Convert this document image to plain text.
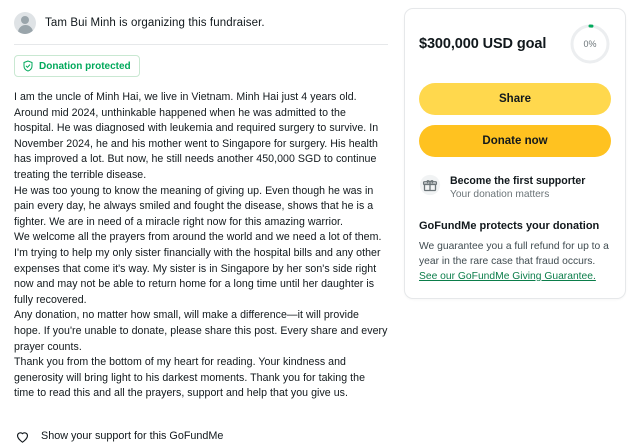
Tam Bui Minh is organizing this fundraiser.
Donation protected

I am the uncle of Minh Hai, we live in Vietnam. Minh Hai just 4 years old. Around mid 2024, unthinkable happened when he was admitted to the hospital. He was diagnosed with leukemia and required surgery to survive. In November 2024, he and his mother went to Singapore for surgery. His health has improved a lot. But now, he still needs another 450,000 SGD to continue treating the terrible disease.

He was too young to know the meaning of giving up. Even though he was in pain every day, he always smiled and fought the disease, shows that he is a fighter. We are in need of a miracle right now for this amazing warrior.

We welcome all the prayers from around the world and we need a lot of them.

I'm trying to help my only sister financially with the hospital bills and any other expenses that come it's way. My sister is in Singapore by her son's side right now and may not be able to return home for a long time until her daughter is fully recovered.

Any donation, no matter how small, will make a difference—it will provide hope. If you're unable to donate, please share this post. Every share and every prayer counts.

Thank you from the bottom of my heart for reading. Your kindness and generosity will bring light to his darkest moments. Thank you for taking the time to read this and all the prayers, support and help that you give us.

Show your support for this GoFundMe
$300,000 USD goal	0%
Share
Donate now
Become the first supporter
Your donation matters
GoFundMe protects your donation
We guarantee you a full refund for up to a year in the rare case that fraud occurs. See our GoFundMe Giving Guarantee.
